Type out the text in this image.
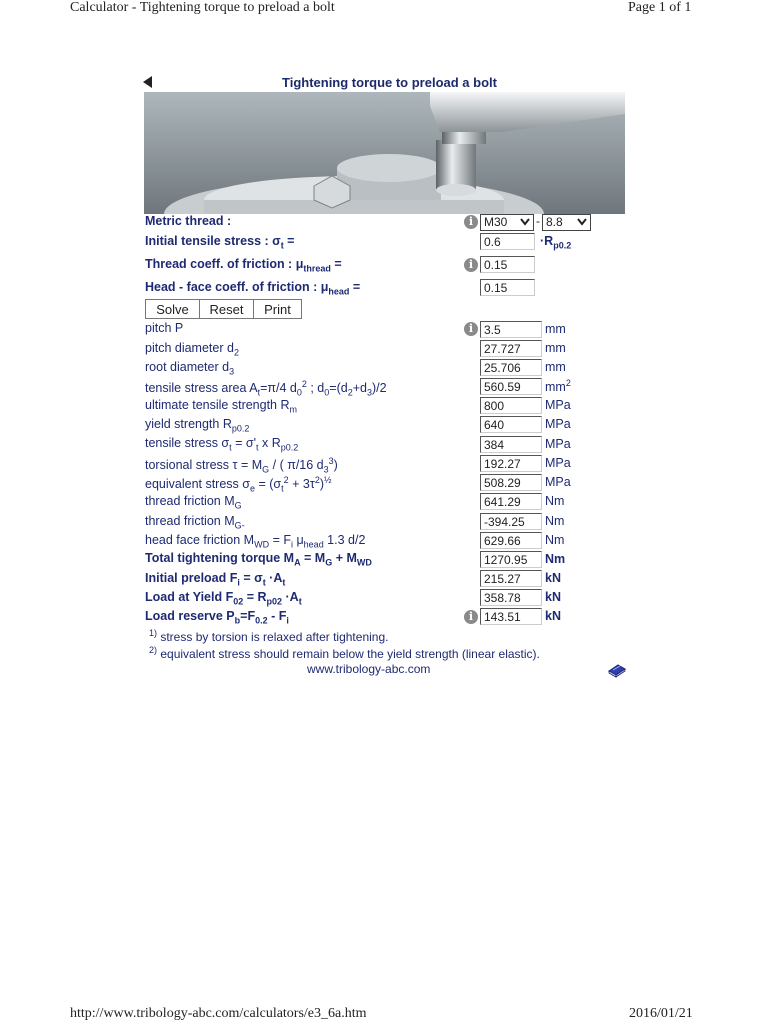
Calculator - Tightening torque to preload a bolt	Page 1 of 1
Tightening torque to preload a bolt
Metric thread :	i M30	- 8.8
Initial tensile stress : $\sigma_t$ =	0.6	$\cdot R_{p0.2}$
Thread coeff. of friction : $\mu_{thread}$ =	i 0.15
Head - face coeff. of friction : $\mu_{head}$ =	0.15
Solve	Reset	Print
pitch P	i 3.5	mm
pitch diameter $d_2$	27.727	mm
root diameter $d_3$	25.706	mm
tensile stress area $A_t=\pi/4$ $d_0^2$ ; $d_0=(d_2+d_3)/2$	560.59	$mm^2$
ultimate tensile strength $R_m$	800	MPa
yield strength $R_{p0.2}$	640	MPa
tensile stress $\sigma_t = \sigma'_t$ x $R_{p0.2}$	384	MPa
torsional stress $\tau = M_G$ / ( π/16 $d_3^3$)	192.27	MPa
equivalent stress $\sigma_e = (\sigma_t^2 + 3\tau^2)^{\frac{1}{2}}$	508.29	MPa
thread friction $M_G$	641.29	Nm
thread friction $M_{G-}$	-394.25	Nm
head face friction $M_{WD} = F_i$ $\mu_{head}$ 1.3 d/2	629.66	Nm
Total tightening torque $M_A = M_G + M_{WD}$	1270.95	Nm
Initial preload $F_i = \sigma_t \cdot A_t$	215.27	kN
Load at Yield $F_{02} = R_{p02} \cdot A_t$	358.78	kN
Load reserve $P_b=F_{0.2} - F_i$	i 143.51	kN
$^{1)}$ stress by torsion is relaxed after tightening.
$^{2)}$ equivalent stress should remain below the yield strength (linear elastic).
www.tribology-abc.com
http://www.tribology-abc.com/calculators/e3_6a.htm	2016/01/21
